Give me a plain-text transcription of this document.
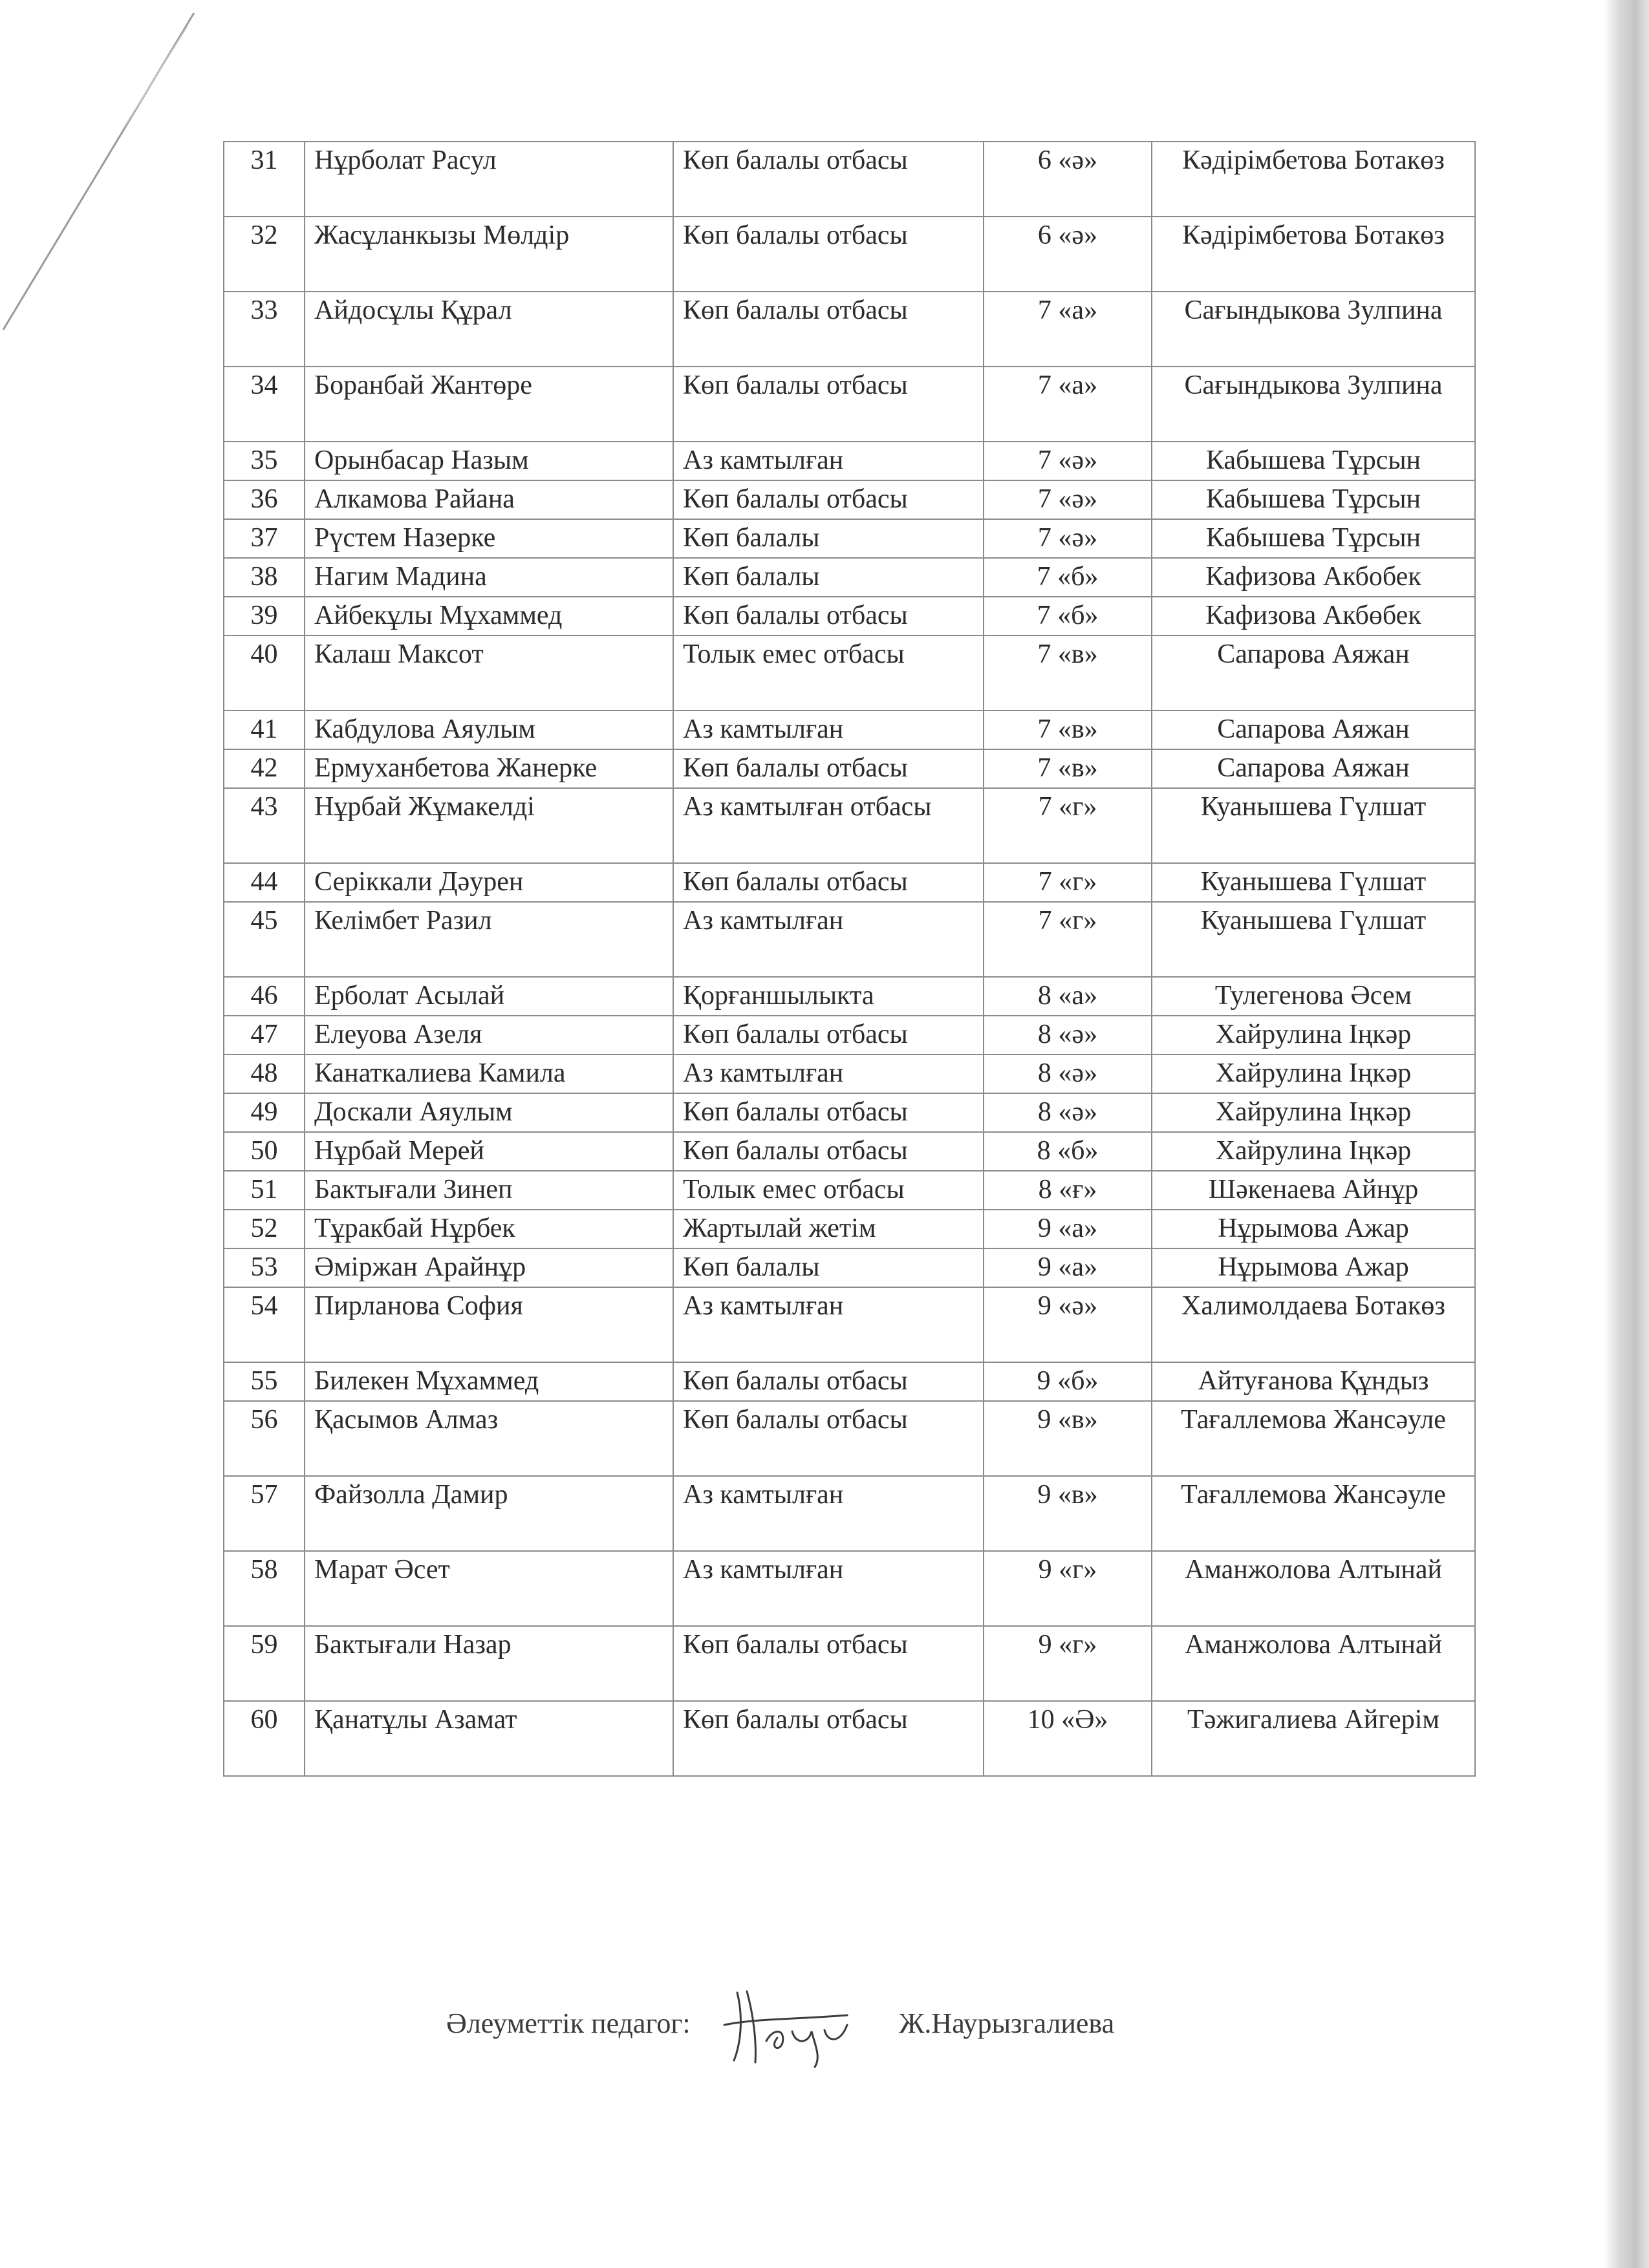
31	Нұрболат Расул	Көп балалы отбасы	6 «ә»	Кәдірімбетова Ботакөз
32	Жасұланкызы Мөлдір	Көп балалы отбасы	6 «ә»	Кәдірімбетова Ботакөз
33	Айдосұлы Құрал	Көп балалы отбасы	7 «а»	Сағындыкова Зулпина
34	Боранбай Жантөре	Көп балалы отбасы	7 «а»	Сағындыкова Зулпина
35	Орынбасар Назым	Аз камтылған	7 «ә»	Кабышева Тұрсын
36	Алкамова Райана	Көп балалы отбасы	7 «ә»	Кабышева Тұрсын
37	Рүстем Назерке	Көп балалы	7 «ә»	Кабышева Тұрсын
38	Нагим Мадина	Көп балалы	7 «б»	Кафизова Акбобек
39	Айбекұлы Мұхаммед	Көп балалы отбасы	7 «б»	Кафизова Акбөбек
40	Калаш Максот	Толык емес отбасы	7 «в»	Сапарова Аяжан
41	Кабдулова Аяулым	Аз камтылған	7 «в»	Сапарова Аяжан
42	Ермуханбетова Жанерке	Көп балалы отбасы	7 «в»	Сапарова Аяжан
43	Нұрбай Жұмакелді	Аз камтылған отбасы	7 «г»	Куанышева Гүлшат
44	Серіккали Дәурен	Көп балалы отбасы	7 «г»	Куанышева Гүлшат
45	Келімбет Разил	Аз камтылған	7 «г»	Куанышева Гүлшат
46	Ерболат Асылай	Қорғаншылыкта	8 «а»	Тулегенова Әсем
47	Елеуова Азеля	Көп балалы отбасы	8 «ә»	Хайрулина Іңкәр
48	Канаткалиева Камила	Аз камтылған	8 «ә»	Хайрулина Іңкәр
49	Доскали Аяулым	Көп балалы отбасы	8 «ә»	Хайрулина Іңкәр
50	Нұрбай Мерей	Көп балалы отбасы	8 «б»	Хайрулина Іңкәр
51	Бактығали Зинеп	Толык емес отбасы	8 «ғ»	Шәкенаева Айнұр
52	Тұракбай Нұрбек	Жартылай жетім	9 «а»	Нұрымова Ажар
53	Әміржан Арайнұр	Көп балалы	9 «а»	Нұрымова Ажар
54	Пирланова София	Аз камтылған	9 «ә»	Халимолдаева Ботакөз
55	Билекен Мұхаммед	Көп балалы отбасы	9 «б»	Айтуғанова Құндыз
56	Қасымов Алмаз	Көп балалы отбасы	9 «в»	Тағаллемова Жансәуле
57	Файзолла Дамир	Аз камтылған	9 «в»	Тағаллемова Жансәуле
58	Марат Әсет	Аз камтылған	9 «г»	Аманжолова Алтынай
59	Бактығали Назар	Көп балалы отбасы	9 «г»	Аманжолова Алтынай
60	Қанатұлы Азамат	Көп балалы отбасы	10 «Ә»	Тәжигалиева Айгерім
Әлеуметтік педагог:	Ж.Наурызгалиева
